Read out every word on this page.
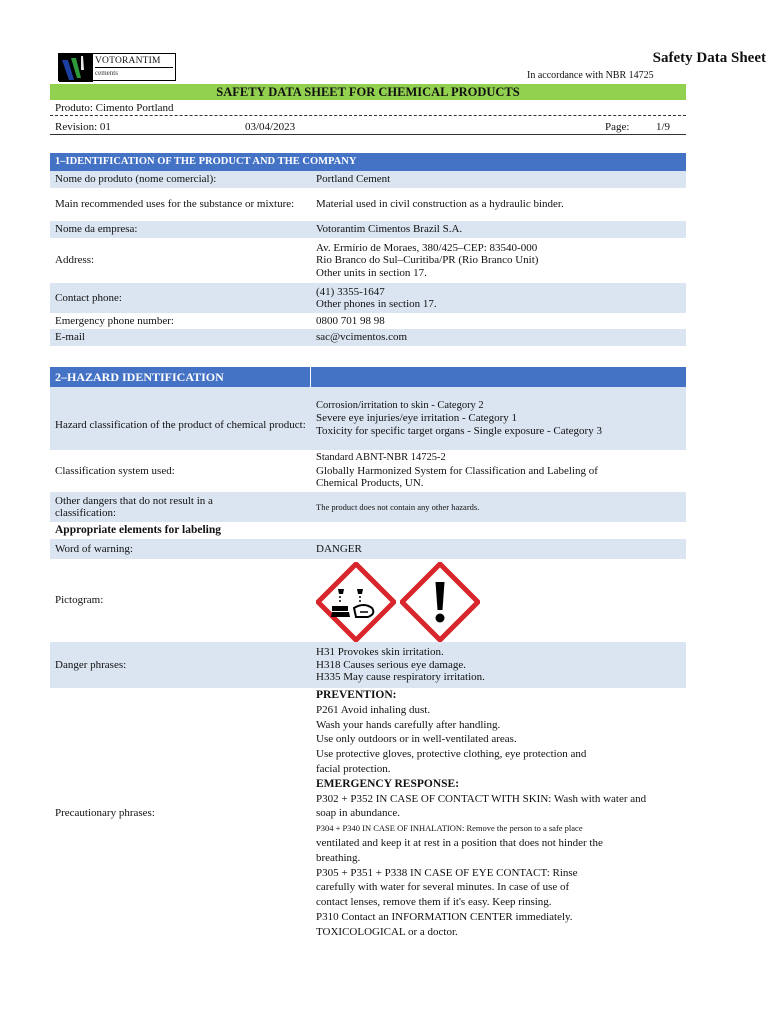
VOTORANTIM
cements
Safety Data Sheet
In accordance with NBR 14725
SAFETY DATA SHEET FOR CHEMICAL PRODUCTS
Produto: Cimento Portland
Revision: 01	03/04/2023	Page: 1/9
1–IDENTIFICATION OF THE PRODUCT AND THE COMPANY
Nome do produto (nome comercial):	Portland Cement
Main recommended uses for the substance or mixture:	Material used in civil construction as a hydraulic binder.
Nome da empresa:	Votorantim Cimentos Brazil S.A.
Address:
Av. Ermírio de Moraes, 380/425–CEP: 83540-000
Rio Branco do Sul–Curitiba/PR (Rio Branco Unit)
Other units in section 17.
Contact phone:
(41) 3355-1647
Other phones in section 17.
Emergency phone number:	0800 701 98 98
E-mail	sac@vcimentos.com
2–HAZARD IDENTIFICATION
Hazard classification of the product of chemical product:
Corrosion/irritation to skin - Category 2
Severe eye injuries/eye irritation - Category 1
Toxicity for specific target organs - Single exposure - Category 3
Classification system used:
Standard ABNT-NBR 14725-2
Globally Harmonized System for Classification and Labeling of Chemical Products, UN.
Other dangers that do not result in a classification:
The product does not contain any other hazards.
Appropriate elements for labeling
Word of warning:	DANGER
Pictogram:
Danger phrases:
H31 Provokes skin irritation.
H318 Causes serious eye damage.
H335 May cause respiratory irritation.
Precautionary phrases:
PREVENTION:
P261 Avoid inhaling dust.
Wash your hands carefully after handling.
Use only outdoors or in well-ventilated areas.
Use protective gloves, protective clothing, eye protection and
facial protection.
EMERGENCY RESPONSE:
P302 + P352 IN CASE OF CONTACT WITH SKIN: Wash with water and
soap in abundance.
P304 + P340 IN CASE OF INHALATION: Remove the person to a safe place
ventilated and keep it at rest in a position that does not hinder the
breathing.
P305 + P351 + P338 IN CASE OF EYE CONTACT: Rinse
carefully with water for several minutes. In case of use of
contact lenses, remove them if it's easy. Keep rinsing.
P310 Contact an INFORMATION CENTER immediately.
TOXICOLOGICAL or a doctor.
